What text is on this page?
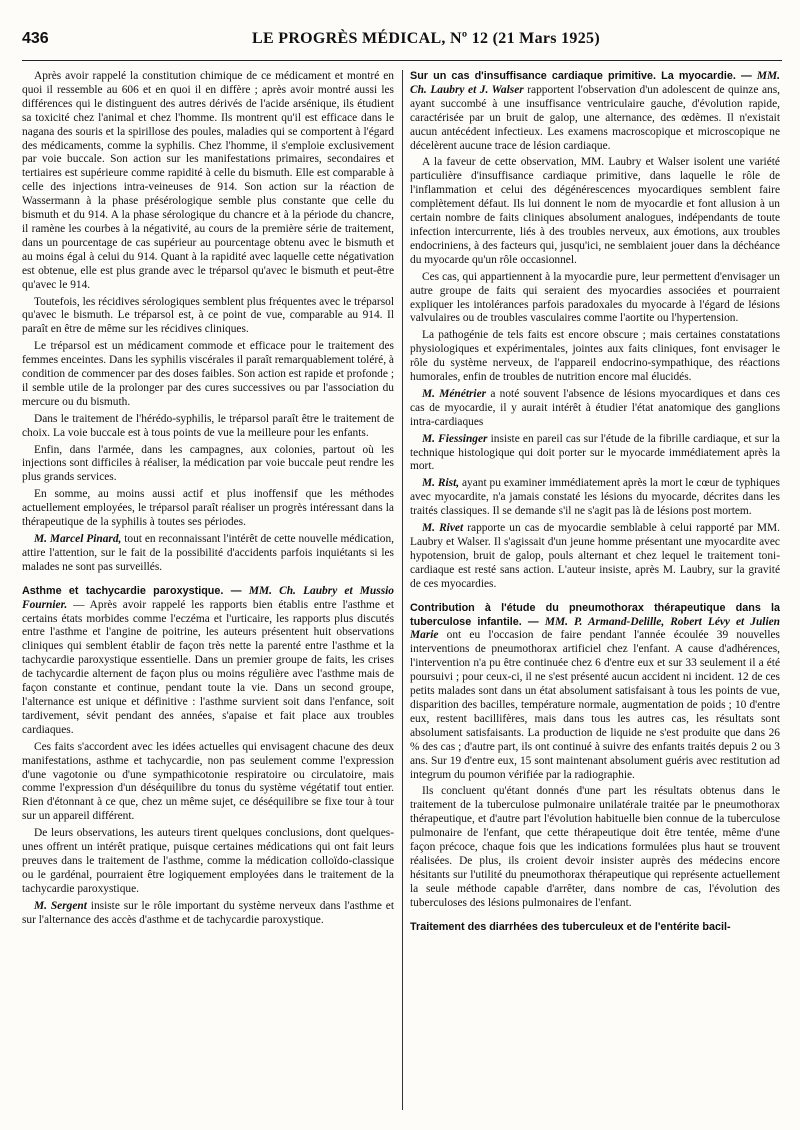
436	LE PROGRÈS MÉDICAL, Nº 12 (21 Mars 1925)

Après avoir rappelé la constitution chimique de ce médicament et montré en quoi il ressemble au 606 et en quoi il en diffère ; après avoir montré aussi les différences qui le distinguent des autres dérivés de l'acide arsénique, ils étudient sa toxicité chez l'animal et chez l'homme. Ils montrent qu'il est efficace dans le nagana des souris et la spirillose des poules, maladies qui se comportent à l'égard des médicaments, comme la syphilis. Chez l'homme, il s'emploie exclusivement par voie buccale. Son action sur les manifestations primaires, secondaires et tertiaires est supérieure comme rapidité à celle du bismuth. Elle est comparable à celle des injections intra-veineuses de 914. Son action sur la réaction de Wassermann à la phase présérologique semble plus constante que celle du bismuth et du 914. A la phase sérologique du chancre et à la période du chancre, il ramène les courbes à la négativité, au cours de la première série de traitement, dans un pourcentage de cas supérieur au pourcentage obtenu avec le bismuth et au moins égal à celui du 914. Quant à la rapidité avec laquelle cette négativation est obtenue, elle est plus grande avec le tréparsol qu'avec le bismuth et peut-être qu'avec le 914.

Toutefois, les récidives sérologiques semblent plus fréquentes avec le tréparsol qu'avec le bismuth. Le tréparsol est, à ce point de vue, comparable au 914. Il paraît en être de même sur les récidives cliniques.

Le tréparsol est un médicament commode et efficace pour le traitement des femmes enceintes. Dans les syphilis viscérales il paraît remarquablement toléré, à condition de commencer par des doses faibles. Son action est rapide et profonde ; il semble utile de la prolonger par des cures successives ou par l'association du mercure ou du bismuth.

Dans le traitement de l'hérédo-syphilis, le tréparsol paraît être le traitement de choix. La voie buccale est à tous points de vue la meilleure pour les enfants.

Enfin, dans l'armée, dans les campagnes, aux colonies, partout où les injections sont difficiles à réaliser, la médication par voie buccale peut rendre les plus grands services.

En somme, au moins aussi actif et plus inoffensif que les méthodes actuellement employées, le tréparsol paraît réaliser un progrès intéressant dans la thérapeutique de la syphilis à toutes ses périodes.

M. Marcel Pinard, tout en reconnaissant l'intérêt de cette nouvelle médication, attire l'attention, sur le fait de la possibilité d'accidents parfois inquiétants si les malades ne sont pas surveillés.

Asthme et tachycardie paroxystique. — MM. Ch. Laubry et Mussio Fournier. — Après avoir rappelé les rapports bien établis entre l'asthme et certains états morbides comme l'eczéma et l'urticaire, les rapports plus discutés entre l'asthme et l'angine de poitrine, les auteurs présentent huit observations cliniques qui semblent établir de façon très nette la parenté entre l'asthme et la tachycardie paroxystique essentielle. Dans un premier groupe de faits, les crises de tachycardie alternent de façon plus ou moins régulière avec l'asthme mais de façon constante et continue, pendant toute la vie. Dans un second groupe, l'alternance est unique et définitive : l'asthme survient soit dans l'enfance, soit tardivement, sévit pendant des années, s'apaise et fait place aux troubles cardiaques.

Ces faits s'accordent avec les idées actuelles qui envisagent chacune des deux manifestations, asthme et tachycardie, non pas seulement comme l'expression d'une vagotonie ou d'une sympathicotonie respiratoire ou circulatoire, mais comme l'expression d'un déséquilibre du tonus du système végétatif tout entier. Rien d'étonnant à ce que, chez un même sujet, ce déséquilibre se fixe tour à tour sur un appareil différent.

De leurs observations, les auteurs tirent quelques conclusions, dont quelques-unes offrent un intérêt pratique, puisque certaines médications qui ont fait leurs preuves dans le traitement de l'asthme, comme la médication colloïdo-classique ou le gardénal, pourraient être logiquement employées dans le traitement de la tachycardie paroxystique.

M. Sergent insiste sur le rôle important du système nerveux dans l'asthme et sur l'alternance des accès d'asthme et de tachycardie paroxystique.

Sur un cas d'insuffisance cardiaque primitive. La myocardie. — MM. Ch. Laubry et J. Walser rapportent l'observation d'un adolescent de quinze ans, ayant succombé à une insuffisance ventriculaire gauche, d'évolution rapide, caractérisée par un bruit de galop, une alternance, des œdèmes. Il n'existait aucun antécédent infectieux. Les examens macroscopique et microscopique ne décelèrent aucune trace de lésion cardiaque.

A la faveur de cette observation, MM. Laubry et Walser isolent une variété particulière d'insuffisance cardiaque primitive, dans laquelle le rôle de l'inflammation et celui des dégénérescences myocardiques semblent faire complètement défaut. Ils lui donnent le nom de myocardie et font allusion à un certain nombre de faits cliniques absolument analogues, indépendants de toute infection intercurrente, liés à des troubles nerveux, aux émotions, aux troubles endocriniens, à des facteurs qui, jusqu'ici, ne semblaient jouer dans la déchéance du myocarde qu'un rôle occasionnel.

Ces cas, qui appartiennent à la myocardie pure, leur permettent d'envisager un autre groupe de faits qui seraient des myocardies associées et pourraient expliquer les intolérances parfois paradoxales du myocarde à l'égard de lésions valvulaires ou de troubles vasculaires comme l'aortite ou l'hypertension.

La pathogénie de tels faits est encore obscure ; mais certaines constatations physiologiques et expérimentales, jointes aux faits cliniques, font envisager le rôle du système nerveux, de l'appareil endocrino-sympathique, des réactions humorales, enfin de troubles de nutrition encore mal élucidés.

M. Ménétrier a noté souvent l'absence de lésions myocardiques et dans ces cas de myocardie, il y aurait intérêt à étudier l'état anatomique des ganglions intra-cardiaques

M. Fiessinger insiste en pareil cas sur l'étude de la fibrille cardiaque, et sur la technique histologique qui doit porter sur le myocarde immédiatement après la mort.

M. Rist, ayant pu examiner immédiatement après la mort le cœur de typhiques avec myocardite, n'a jamais constaté les lésions du myocarde, décrites dans les traités classiques. Il se demande s'il ne s'agit pas là de lésions post mortem.

M. Rivet rapporte un cas de myocardie semblable à celui rapporté par MM. Laubry et Walser. Il s'agissait d'un jeune homme présentant une myocardite avec hypotension, bruit de galop, pouls alternant et chez lequel le traitement toni-cardiaque est resté sans action. L'auteur insiste, après M. Laubry, sur la gravité de ces myocardies.

Contribution à l'étude du pneumothorax thérapeutique dans la tuberculose infantile. — MM. P. Armand-Delille, Robert Lévy et Julien Marie ont eu l'occasion de faire pendant l'année écoulée 39 nouvelles interventions de pneumothorax artificiel chez l'enfant. A cause d'adhérences, l'intervention n'a pu être continuée chez 6 d'entre eux et sur 33 seulement il a été poursuivi ; pour ceux-ci, il ne s'est présenté aucun accident ni incident. 12 de ces petits malades sont dans un état absolument satisfaisant à tous les points de vue, disparition des bacilles, température normale, augmentation de poids ; 10 d'entre eux, restent bacillifères, mais dans tous les autres cas, les résultats sont absolument satisfaisants. La production de liquide ne s'est produite que dans 26 % des cas ; d'autre part, ils ont continué à suivre des enfants traités depuis 2 ou 3 ans. Sur 19 d'entre eux, 15 sont maintenant absolument guéris avec restitution ad integrum du poumon vérifiée par la radiographie.

Ils concluent qu'étant donnés d'une part les résultats obtenus dans le traitement de la tuberculose pulmonaire unilatérale traitée par le pneumothorax thérapeutique, et d'autre part l'évolution habituelle bien connue de la tuberculose pulmonaire de l'enfant, que cette thérapeutique doit être tentée, même d'une façon précoce, chaque fois que les indications formulées plus haut se trouvent réalisées. De plus, ils croient devoir insister auprès des médecins encore hésitants sur l'utilité du pneumothorax thérapeutique qui représente actuellement la seule méthode capable d'arrêter, dans nombre de cas, l'évolution des tuberculoses des lésions pulmonaires de l'enfant.

Traitement des diarrhées des tuberculeux et de l'entérite bacil-
